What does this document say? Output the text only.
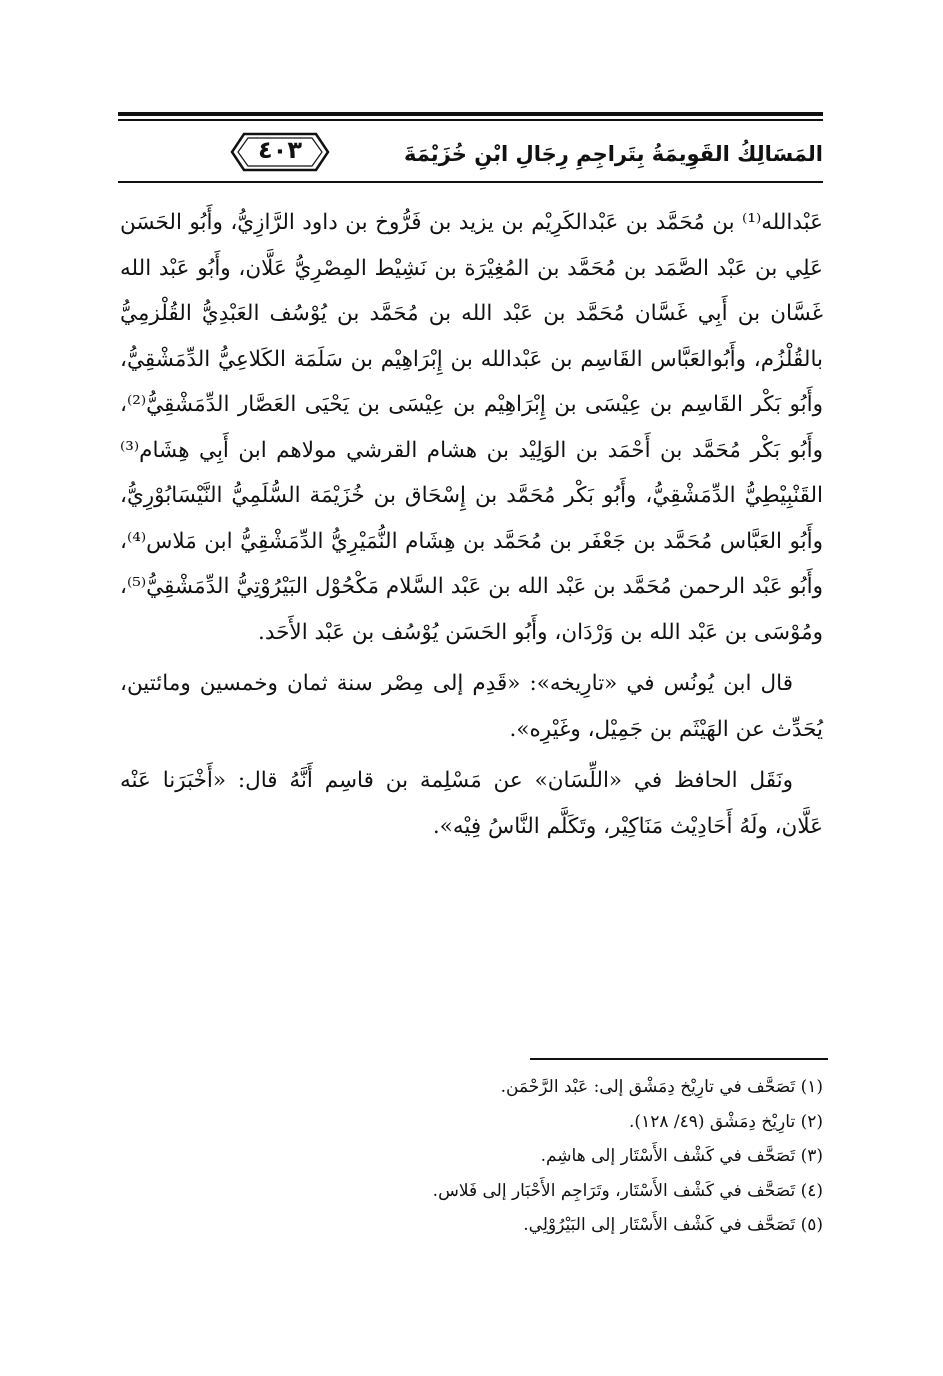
٤٠٣	المَسَالِكُ القَوِيمَةُ بِتَراجِمِ رِجَالِ ابْنِ خُزَيْمَةَ

عَبْدالله⁽¹⁾ بن مُحَمَّد بن عَبْدالكَرِيْم بن يزيد بن فَرُّوخ بن داود الرَّازِيُّ، وأَبُو الحَسَن عَلِي بن عَبْد الصَّمَد بن مُحَمَّد بن المُغِيْرَة بن نَشِيْط المِصْرِيُّ عَلَّان، وأَبُو عَبْد الله غَسَّان بن أَبِي غَسَّان مُحَمَّد بن عَبْد الله بن مُحَمَّد بن يُوْسُف العَبْدِيُّ القُلْزمِيُّ بالقُلْزُم، وأَبُوالعَبَّاس القَاسِم بن عَبْدالله بن إِبْرَاهِيْم بن سَلَمَة الكَلاعِيُّ الدِّمَشْقِيُّ، وأَبُو بَكْر القَاسِم بن عِيْسَى بن إِبْرَاهِيْم بن عِيْسَى بن يَحْيَى العَصَّار الدِّمَشْقِيُّ⁽²⁾، وأَبُو بَكْر مُحَمَّد بن أَحْمَد بن الوَلِيْد بن هشام القرشي مولاهم ابن أَبِي هِشَام⁽³⁾ القَنْبِيْطِيُّ الدِّمَشْقِيُّ، وأَبُو بَكْر مُحَمَّد بن إِسْحَاق بن خُزَيْمَة السُّلَمِيُّ النَّيْسَابُوْرِيُّ، وأَبُو العَبَّاس مُحَمَّد بن جَعْفَر بن مُحَمَّد بن هِشَام النُّمَيْرِيُّ الدِّمَشْقِيُّ ابن مَلاس⁽⁴⁾، وأَبُو عَبْد الرحمن مُحَمَّد بن عَبْد الله بن عَبْد السَّلام مَكْحُوْل البَيْرُوْتِيُّ الدِّمَشْقِيُّ⁽⁵⁾، ومُوْسَى بن عَبْد الله بن وَرْدَان، وأَبُو الحَسَن يُوْسُف بن عَبْد الأَحَد.

قال ابن يُونُس في «تارِيخه»: «قَدِم إلى مِصْر سنة ثمان وخمسين ومائتين، يُحَدِّث عن الهَيْثَم بن جَمِيْل، وغَيْرِه».

ونَقَل الحافظ في «اللِّسَان» عن مَسْلِمة بن قاسِم أَنَّهُ قال: «أَخْبَرَنا عَنْه عَلَّان، ولَهُ أَحَادِيْث مَنَاكِيْر، وتَكَلَّم النَّاسُ فِيْه».

(١) تَصَحَّف في تارِيْخ دِمَشْق إلى: عَبْد الرَّحْمَن.
(٢) تارِيْخ دِمَشْق (٤٩/ ١٢٨).
(٣) تَصَحَّف في كَشْف الأَسْتَار إلى هاشِم.
(٤) تَصَحَّف في كَشْف الأَسْتَار، وتَرَاجِم الأَحْبَار إلى فَلاس.
(٥) تَصَحَّف في كَشْف الأَسْتَار إلى البَيْرُوْلِي.
